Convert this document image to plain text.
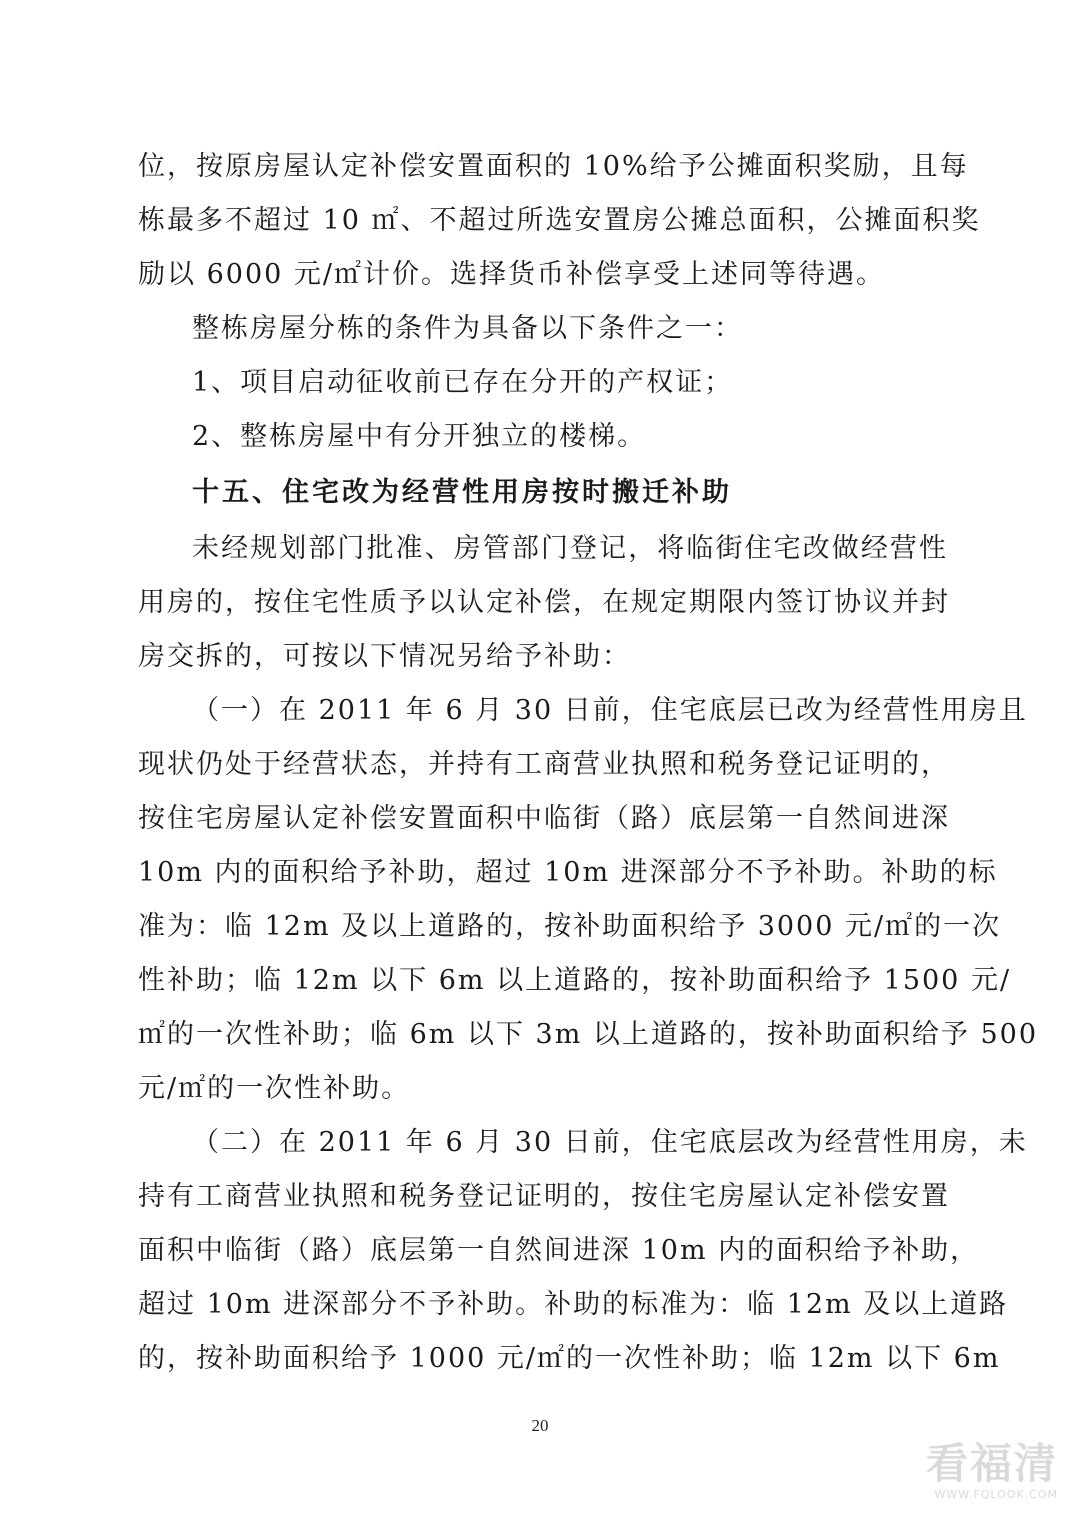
位，按原房屋认定补偿安置面积的 10%给予公摊面积奖励，且每
栋最多不超过 10 ㎡、不超过所选安置房公摊总面积，公摊面积奖
励以 6000 元/㎡计价。选择货币补偿享受上述同等待遇。
整栋房屋分栋的条件为具备以下条件之一：
1、项目启动征收前已存在分开的产权证；
2、整栋房屋中有分开独立的楼梯。
十五、住宅改为经营性用房按时搬迁补助
未经规划部门批准、房管部门登记，将临街住宅改做经营性
用房的，按住宅性质予以认定补偿，在规定期限内签订协议并封
房交拆的，可按以下情况另给予补助：
（一）在 2011 年 6 月 30 日前，住宅底层已改为经营性用房且
现状仍处于经营状态，并持有工商营业执照和税务登记证明的，
按住宅房屋认定补偿安置面积中临街（路）底层第一自然间进深
10m 内的面积给予补助，超过 10m 进深部分不予补助。补助的标
准为：临 12m 及以上道路的，按补助面积给予 3000 元/㎡的一次
性补助；临 12m 以下 6m 以上道路的，按补助面积给予 1500 元/
㎡的一次性补助；临 6m 以下 3m 以上道路的，按补助面积给予 500
元/㎡的一次性补助。
（二）在 2011 年 6 月 30 日前，住宅底层改为经营性用房，未
持有工商营业执照和税务登记证明的，按住宅房屋认定补偿安置
面积中临街（路）底层第一自然间进深 10m 内的面积给予补助，
超过 10m 进深部分不予补助。补助的标准为：临 12m 及以上道路
的，按补助面积给予 1000 元/㎡的一次性补助；临 12m 以下 6m
20
看福清
WWW.FQLOOK.COM
